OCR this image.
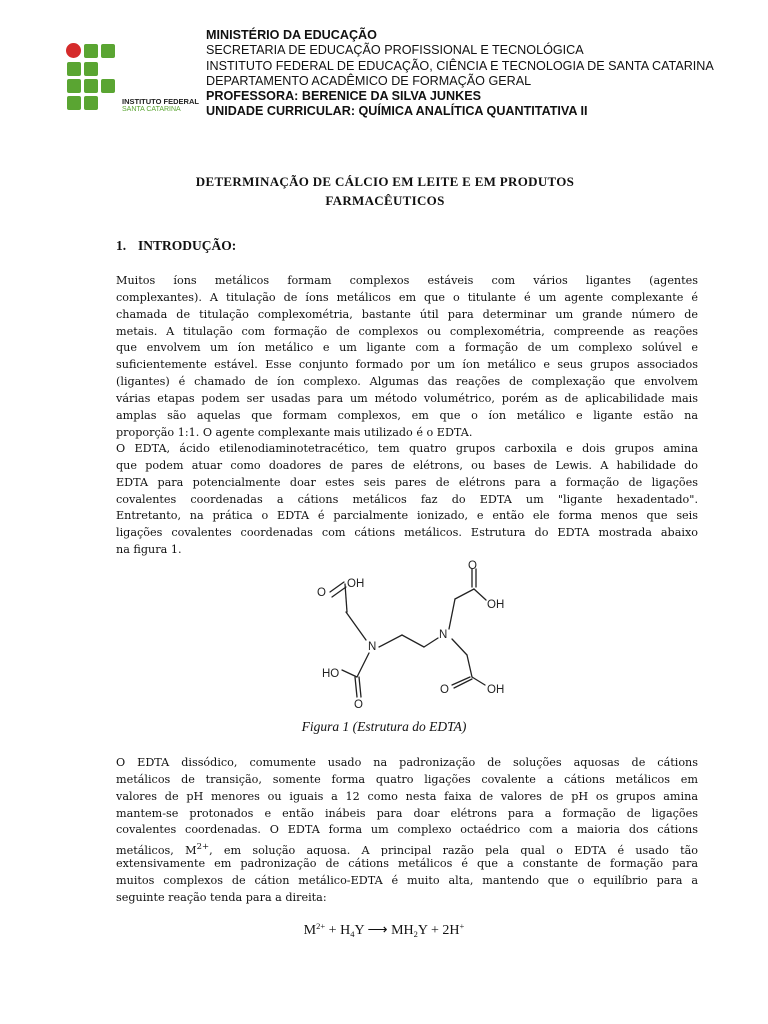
INSTITUTO FEDERAL
SANTA CATARINA
MINISTÉRIO DA EDUCAÇÃO
SECRETARIA DE EDUCAÇÃO PROFISSIONAL E TECNOLÓGICA
INSTITUTO FEDERAL DE EDUCAÇÃO, CIÊNCIA E TECNOLOGIA DE SANTA CATARINA
DEPARTAMENTO ACADÊMICO DE FORMAÇÃO GERAL
PROFESSORA: BERENICE DA SILVA JUNKES
UNIDADE CURRICULAR: QUÍMICA ANALÍTICA QUANTITATIVA II
DETERMINAÇÃO DE CÁLCIO EM LEITE E EM PRODUTOS
FARMACÊUTICOS
1. INTRODUÇÃO:
Muitos íons metálicos formam complexos estáveis com vários ligantes (agentes
complexantes). A titulação de íons metálicos em que o titulante é um agente complexante é
chamada de titulação complexométria, bastante útil para determinar um grande número de
metais. A titulação com formação de complexos ou complexométria, compreende as reações
que envolvem um íon metálico e um ligante com a formação de um complexo solúvel e
suficientemente estável. Esse conjunto formado por um íon metálico e seus grupos associados
(ligantes) é chamado de íon complexo. Algumas das reações de complexação que envolvem
várias etapas podem ser usadas para um método volumétrico, porém as de aplicabilidade mais
amplas são aquelas que formam complexos, em que o íon metálico e ligante estão na
proporção 1:1. O agente complexante mais utilizado é o EDTA.
O EDTA, ácido etilenodiaminotetracético, tem quatro grupos carboxila e dois grupos amina
que podem atuar como doadores de pares de elétrons, ou bases de Lewis. A habilidade do
EDTA para potencialmente doar estes seis pares de elétrons para a formação de ligações
covalentes coordenadas a cátions metálicos faz do EDTA um "ligante hexadentado".
Entretanto, na prática o EDTA é parcialmente ionizado, e então ele forma menos que seis
ligações covalentes coordenadas com cátions metálicos. Estrutura do EDTA mostrada abaixo
na figura 1.
O
OH
N
N
O
OH
HO
O
O	OH
Figura 1 (Estrutura do EDTA)
O EDTA dissódico, comumente usado na padronização de soluções aquosas de cátions
metálicos de transição, somente forma quatro ligações covalente a cátions metálicos em
valores de pH menores ou iguais a 12 como nesta faixa de valores de pH os grupos amina
mantem-se protonados e então inábeis para doar elétrons para a formação de ligações
covalentes coordenadas. O EDTA forma um complexo octaédrico com a maioria dos cátions
metálicos, $M^{2+}$, em solução aquosa. A principal razão pela qual o EDTA é usado tão
extensivamente em padronização de cátions metálicos é que a constante de formação para
muitos complexos de cátion metálico-EDTA é muito alta, mantendo que o equilíbrio para a
seguinte reação tenda para a direita:
$M^{2+} + H_4Y$ ⟶ $MH_2Y + 2H^+$
